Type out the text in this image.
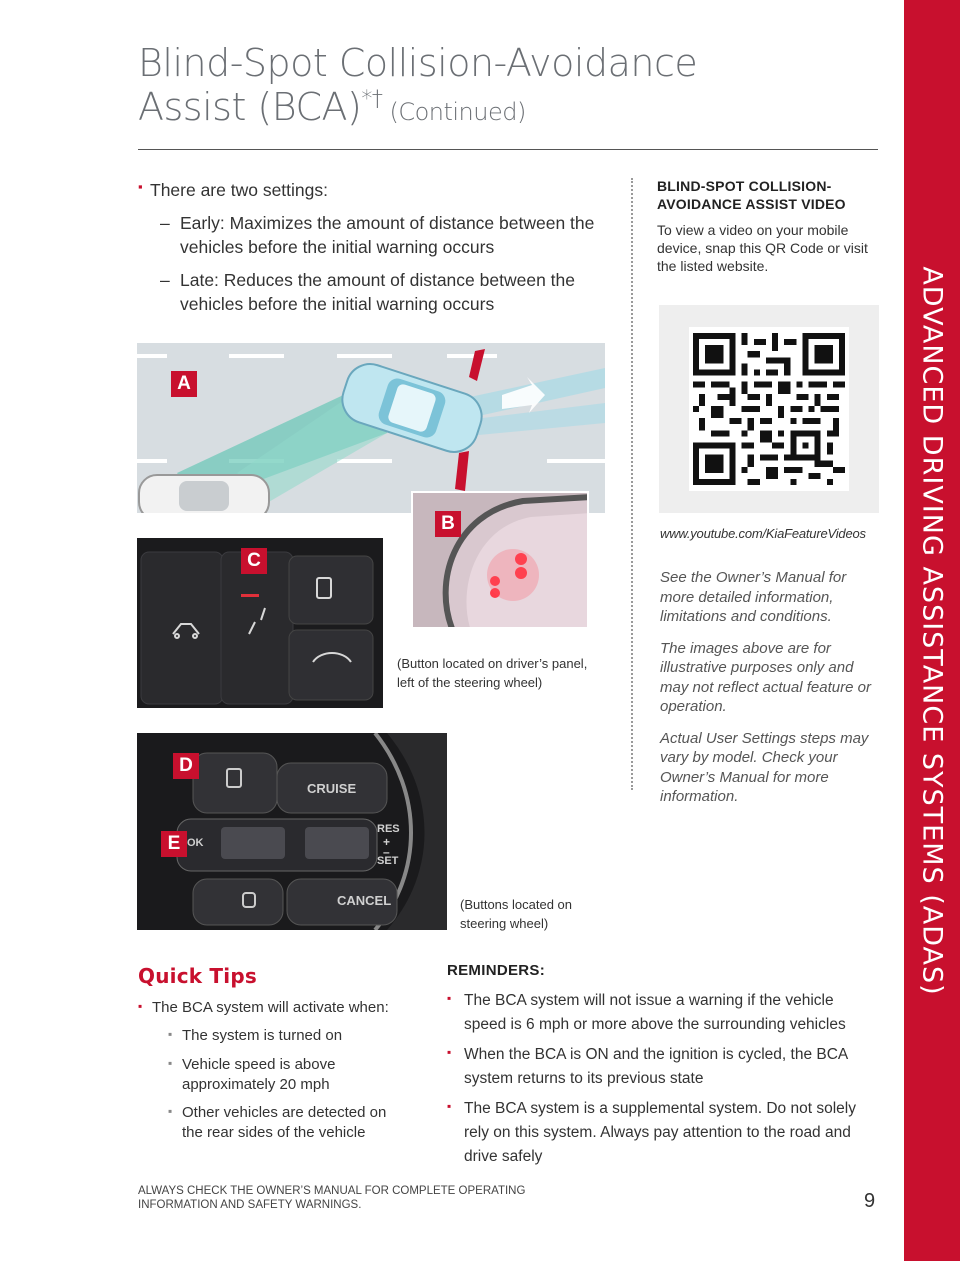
Blind-Spot Collision-Avoidance
Assist (BCA)*† (Continued)
ADVANCED DRIVING ASSISTANCE SYSTEMS (ADAS)
▪ There are two settings:
– Early: Maximizes the amount of distance between the vehicles before the initial warning occurs
– Late: Reduces the amount of distance between the vehicles before the initial warning occurs
BLIND-SPOT COLLISION-AVOIDANCE ASSIST VIDEO

To view a video on your mobile device, snap this QR Code or visit the listed website.

www.youtube.com/KiaFeatureVideos

See the Owner’s Manual for more detailed information, limitations and conditions.

The images above are for illustrative purposes only and may not reflect actual feature or operation.

Actual User Settings steps may vary by model. Check your Owner’s Manual for more information.

A
B
C
(Button located on driver’s panel, left of the steering wheel)
CRUISE
CANCEL
RES
+
–
SET
OK
D
E
(Buttons located on steering wheel)
Quick Tips
▪ The BCA system will activate when:
▪ The system is turned on
▪ Vehicle speed is above approximately 20 mph
▪ Other vehicles are detected on the rear sides of the vehicle
REMINDERS:
▪ The BCA system will not issue a warning if the vehicle speed is 6 mph or more above the surrounding vehicles
▪ When the BCA is ON and the ignition is cycled, the BCA system returns to its previous state
▪ The BCA system is a supplemental system. Do not solely rely on this system. Always pay attention to the road and drive safely
ALWAYS CHECK THE OWNER’S MANUAL FOR COMPLETE OPERATING INFORMATION AND SAFETY WARNINGS.	9
